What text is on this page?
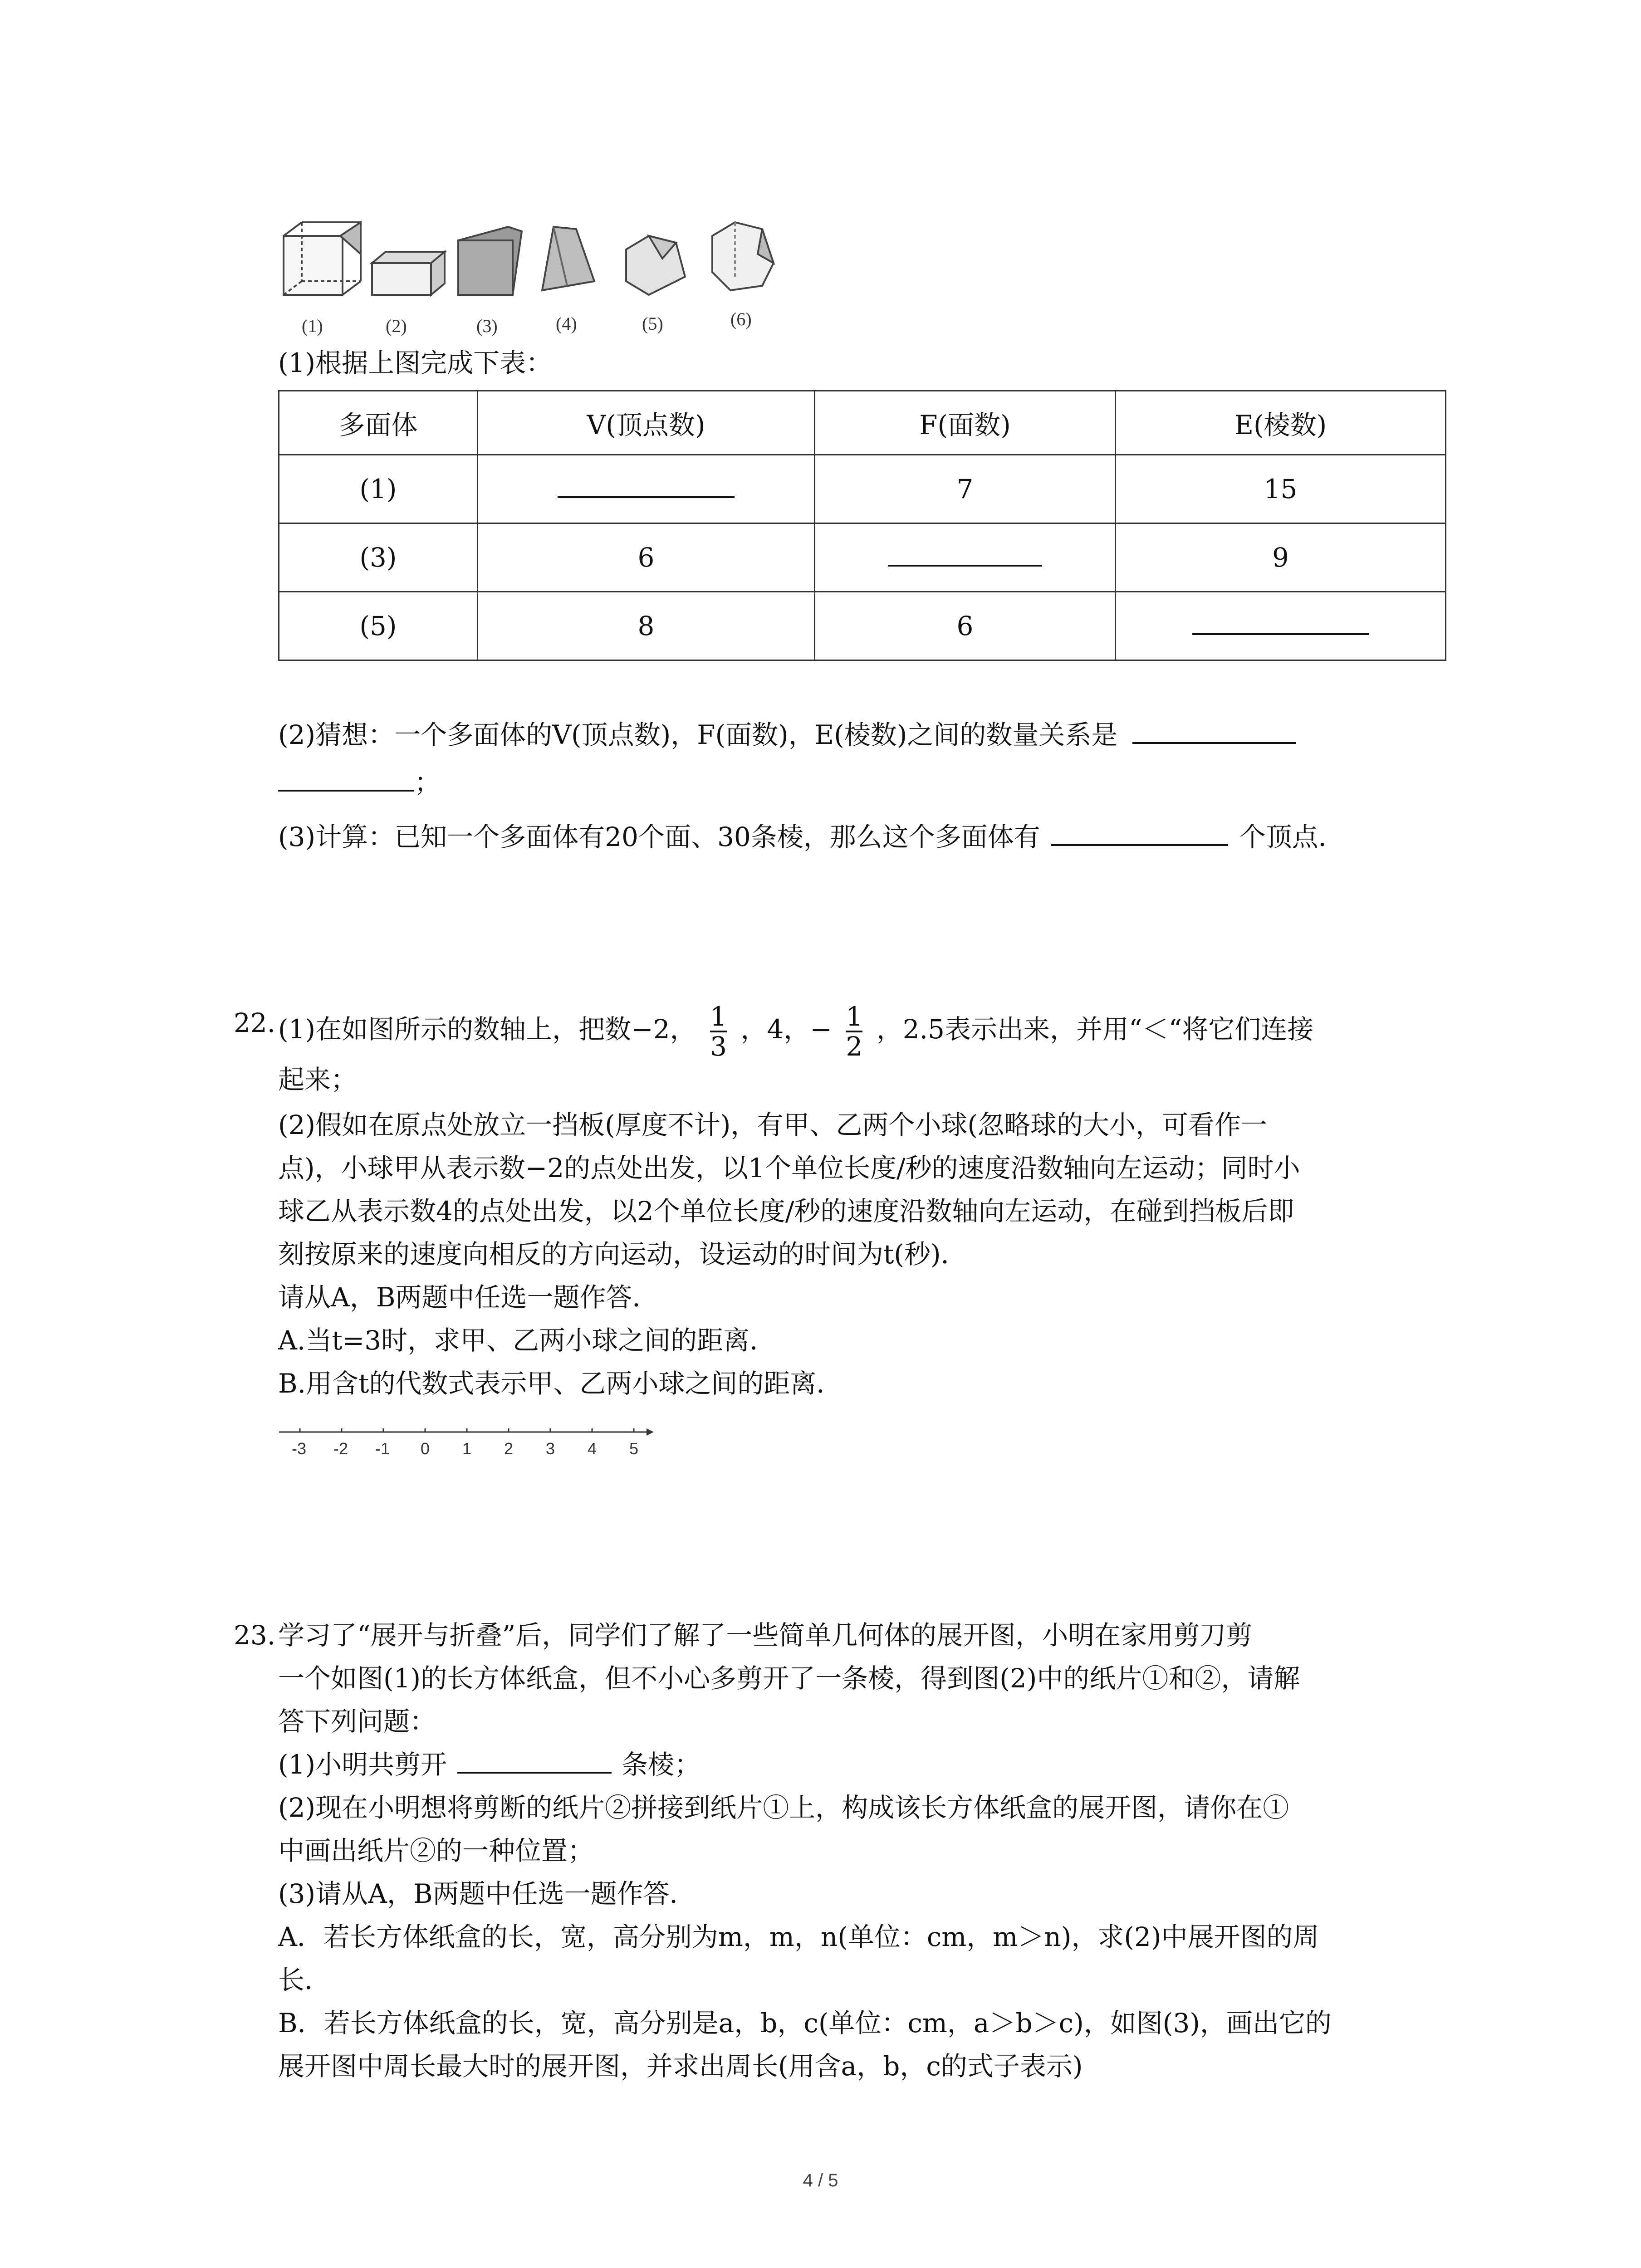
(1)	(2)	(3)	(4)	(5)	(6)
(1)根据上图完成下表：
多面体	V(顶点数)	F(面数)	E(棱数)
(1)		7	15
(3)	6		9
(5)	8	6	
(2)猜想：一个多面体的V(顶点数)，F(面数)，E(棱数)之间的数量关系是
；
(3)计算：已知一个多面体有20个面、30条棱，那么这个多面体有	个顶点．
22. (1)在如图所示的数轴上，把数−2， $\frac{1}{3}$ ，4，− $\frac{1}{2}$ ，2.5表示出来，并用“＜“将它们连接
起来；
(2)假如在原点处放立一挡板(厚度不计)，有甲、乙两个小球(忽略球的大小，可看作一
点)，小球甲从表示数−2的点处出发，以1个单位长度/秒的速度沿数轴向左运动；同时小
球乙从表示数4的点处出发，以2个单位长度/秒的速度沿数轴向左运动，在碰到挡板后即
刻按原来的速度向相反的方向运动，设运动的时间为t(秒)．
请从A，B两题中任选一题作答．
A.当t=3时，求甲、乙两小球之间的距离．
B.用含t的代数式表示甲、乙两小球之间的距离．
-3 -2 -1 0 1 2 3 4 5
23. 学习了“展开与折叠”后，同学们了解了一些简单几何体的展开图，小明在家用剪刀剪
一个如图(1)的长方体纸盒，但不小心多剪开了一条棱，得到图(2)中的纸片①和②，请解
答下列问题：
(1)小明共剪开	条棱；
(2)现在小明想将剪断的纸片②拼接到纸片①上，构成该长方体纸盒的展开图，请你在①
中画出纸片②的一种位置；
(3)请从A，B两题中任选一题作答．
A．若长方体纸盒的长，宽，高分别为m，m，n(单位：cm，m＞n)，求(2)中展开图的周
长．
B．若长方体纸盒的长，宽，高分别是a，b，c(单位：cm，a＞b＞c)，如图(3)，画出它的
展开图中周长最大时的展开图，并求出周长(用含a，b，c的式子表示)
4 / 5
